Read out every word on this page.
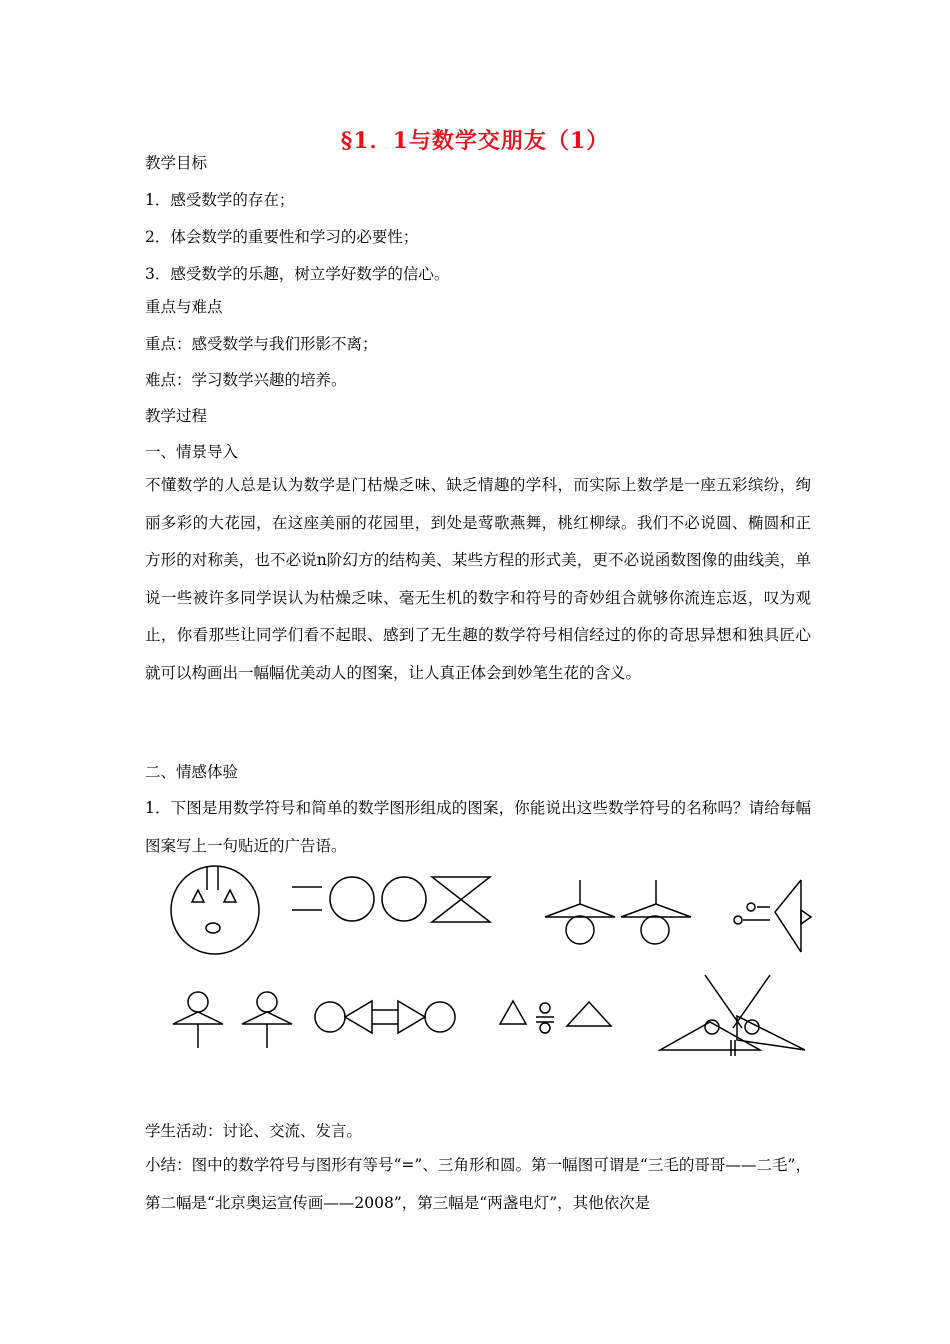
§1．1与数学交朋友（1）
教学目标
1．感受数学的存在；
2．体会数学的重要性和学习的必要性；
3．感受数学的乐趣，树立学好数学的信心。
重点与难点
重点：感受数学与我们形影不离；
难点：学习数学兴趣的培养。
教学过程
一、情景导入
不懂数学的人总是认为数学是门枯燥乏味、缺乏情趣的学科，而实际上数学是一座五彩缤纷，绚丽多彩的大花园，在这座美丽的花园里，到处是莺歌燕舞，桃红柳绿。我们不必说圆、椭圆和正方形的对称美，也不必说n阶幻方的结构美、某些方程的形式美，更不必说函数图像的曲线美，单说一些被许多同学误认为枯燥乏味、毫无生机的数字和符号的奇妙组合就够你流连忘返，叹为观止，你看那些让同学们看不起眼、感到了无生趣的数学符号相信经过的你的奇思异想和独具匠心就可以构画出一幅幅优美动人的图案，让人真正体会到妙笔生花的含义。
二、情感体验
1．下图是用数学符号和简单的数学图形组成的图案，你能说出这些数学符号的名称吗？请给每幅图案写上一句贴近的广告语。
学生活动：讨论、交流、发言。
小结：图中的数学符号与图形有等号“=”、三角形和圆。第一幅图可谓是“三毛的哥哥——二毛”，第二幅是“北京奥运宣传画——2008”，第三幅是“两盏电灯”，其他依次是
